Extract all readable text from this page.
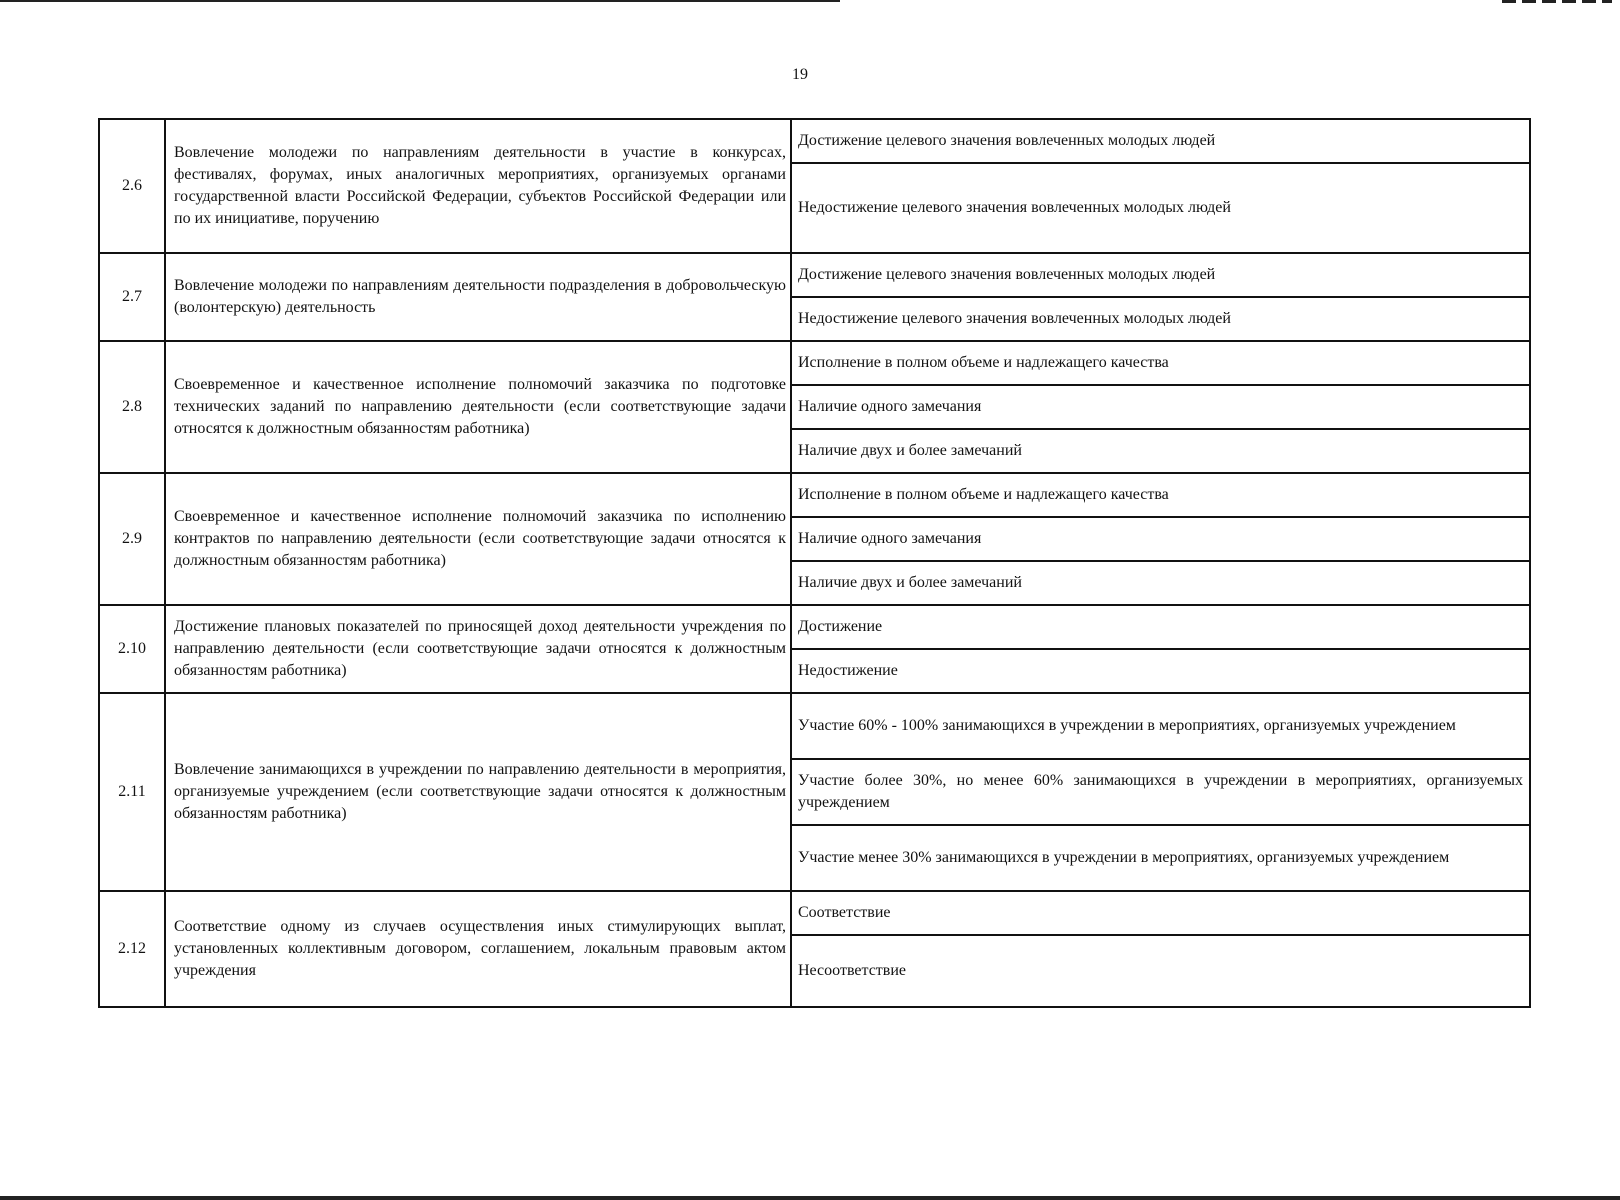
19
2.6	Вовлечение молодежи по направлениям деятельности в участие в конкурсах, фестивалях, форумах, иных аналогичных мероприятиях, организуемых органами государственной власти Российской Федерации, субъектов Российской Федерации или по их инициативе, поручению	Достижение целевого значения вовлеченных молодых людей
		Недостижение целевого значения вовлеченных молодых людей
2.7	Вовлечение молодежи по направлениям деятельности подразделения в добровольческую (волонтерскую) деятельность	Достижение целевого значения вовлеченных молодых людей
		Недостижение целевого значения вовлеченных молодых людей
2.8	Своевременное и качественное исполнение полномочий заказчика по подготовке технических заданий по направлению деятельности (если соответствующие задачи относятся к должностным обязанностям работника)	Исполнение в полном объеме и надлежащего качества
		Наличие одного замечания
		Наличие двух и более замечаний
2.9	Своевременное и качественное исполнение полномочий заказчика по исполнению контрактов по направлению деятельности (если соответствующие задачи относятся к должностным обязанностям работника)	Исполнение в полном объеме и надлежащего качества
		Наличие одного замечания
		Наличие двух и более замечаний
2.10	Достижение плановых показателей по приносящей доход деятельности учреждения по направлению деятельности (если соответствующие задачи относятся к должностным обязанностям работника)	Достижение
		Недостижение
2.11	Вовлечение занимающихся в учреждении по направлению деятельности в мероприятия, организуемые учреждением (если соответствующие задачи относятся к должностным обязанностям работника)	Участие 60% - 100% занимающихся в учреждении в мероприятиях, организуемых учреждением
		Участие более 30%, но менее 60% занимающихся в учреждении в мероприятиях, организуемых учреждением
		Участие менее 30% занимающихся в учреждении в мероприятиях, организуемых учреждением
2.12	Соответствие одному из случаев осуществления иных стимулирующих выплат, установленных коллективным договором, соглашением, локальным правовым актом учреждения	Соответствие
		Несоответствие
